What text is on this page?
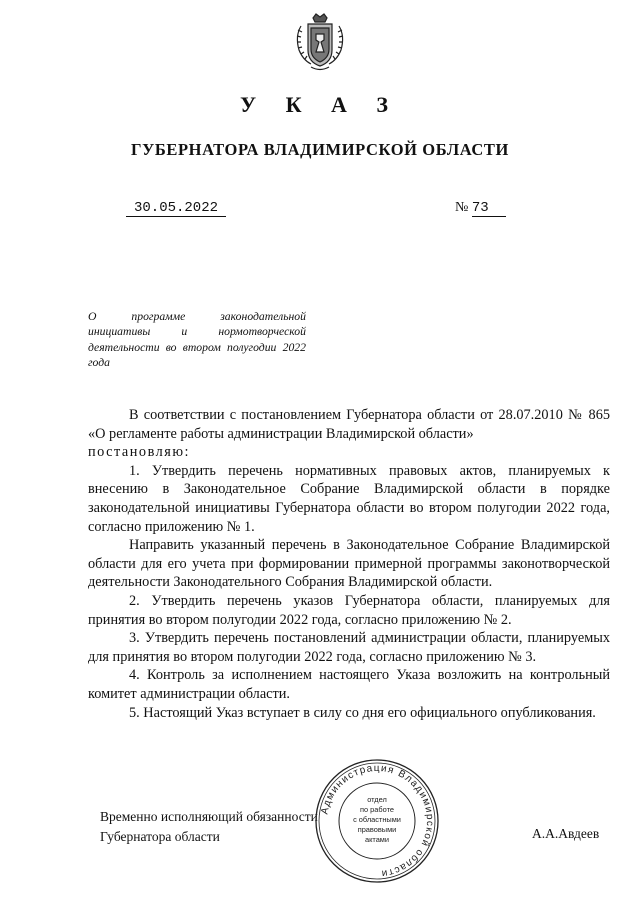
У К А З
ГУБЕРНАТОРА ВЛАДИМИРСКОЙ ОБЛАСТИ
30.05.2022	№ 73
О программе законодательной инициативы и нормотворческой деятельности во втором полугодии 2022 года

В соответствии с постановлением Губернатора области от 28.07.2010 № 865 «О регламенте работы администрации Владимирской области»

постановляю:

1. Утвердить перечень нормативных правовых актов, планируемых к внесению в Законодательное Собрание Владимирской области в порядке законодательной инициативы Губернатора области во втором полугодии 2022 года, согласно приложению № 1.

Направить указанный перечень в Законодательное Собрание Владимирской области для его учета при формировании примерной программы законотворческой деятельности Законодательного Собрания Владимирской области.

2. Утвердить перечень указов Губернатора области, планируемых для принятия во втором полугодии 2022 года, согласно приложению № 2.

3. Утвердить перечень постановлений администрации области, планируемых для принятия во втором полугодии 2022 года, согласно приложению № 3.

4. Контроль за исполнением настоящего Указа возложить на контрольный комитет администрации области.

5. Настоящий Указ вступает в силу со дня его официального опубликования.

Временно исполняющий обязанности
Губернатора области	А.А.Авдеев
Администрация Владимирской области
отдел
по работе
с областными
правовыми
актами
